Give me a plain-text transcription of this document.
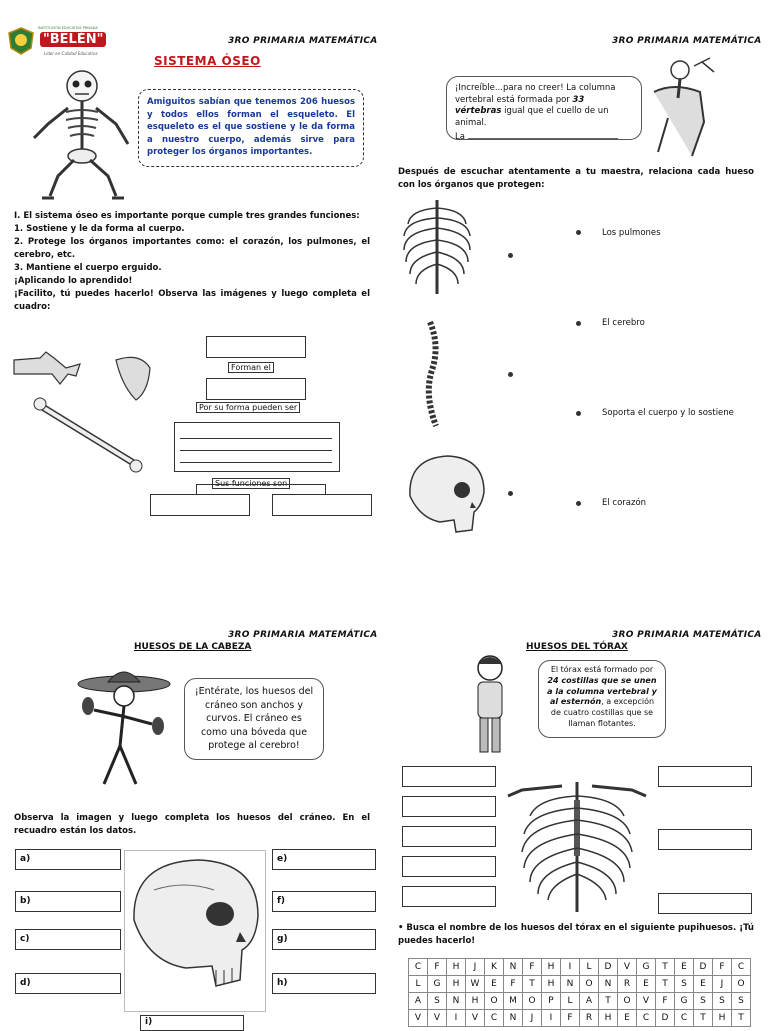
INSTITUCIÓN EDUCATIVA PRIVADA
"BELÉN"
Líder en Calidad Educativa
3RO PRIMARIA MATEMÁTICA
SISTEMA ÓSEO
Amiguitos sabían que tenemos 206 huesos y todos ellos forman el esqueleto. El esqueleto es el que sostiene y le da forma a nuestro cuerpo, además sirve para proteger los órganos importantes.
I. El sistema óseo es importante porque cumple tres grandes funciones:
1. Sostiene y le da forma al cuerpo.
2. Protege los órganos importantes como: el corazón, los pulmones, el cerebro, etc.
3. Mantiene el cuerpo erguido.
¡Aplicando lo aprendido!
¡Facilito, tú puedes hacerlo! Observa las imágenes y luego completa el cuadro:
Forman el
Por su forma pueden ser
Sus funciones son
3RO PRIMARIA MATEMÁTICA
¡Increíble...para no creer! La columna vertebral está formada por 33 vértebras igual que el cuello de un animal.
La
Después de escuchar atentamente a tu maestra, relaciona cada hueso con los órganos que protegen:
Los pulmones
El cerebro
Soporta el cuerpo y lo sostiene
El corazón
3RO PRIMARIA MATEMÁTICA
HUESOS DE LA CABEZA
¡Entérate, los huesos del cráneo son anchos y curvos. El cráneo es como una bóveda que protege al cerebro!
Observa la imagen y luego completa los huesos del cráneo. En el recuadro están los datos.
a)
b)
c)
d)
e)
f)
g)
h)
i)
3RO PRIMARIA MATEMÁTICA
HUESOS DEL TÓRAX
El tórax está formado por 24 costillas que se unen a la columna vertebral y al esternón, a excepción de cuatro costillas que se llaman flotantes.
• Busca el nombre de los huesos del tórax en el siguiente pupihuesos. ¡Tú puedes hacerlo!
C	F	H	J	K	N	F	H	I	L	D	V	G	T	E	D	F	C
L	G	H	W	E	F	T	H	N	O	N	R	E	T	S	E	J	O
A	S	N	H	O	M	O	P	L	A	T	O	V	F	G	S	S	S
V	V	I	V	C	N	J	I	F	R	H	E	C	D	C	T	H	T
